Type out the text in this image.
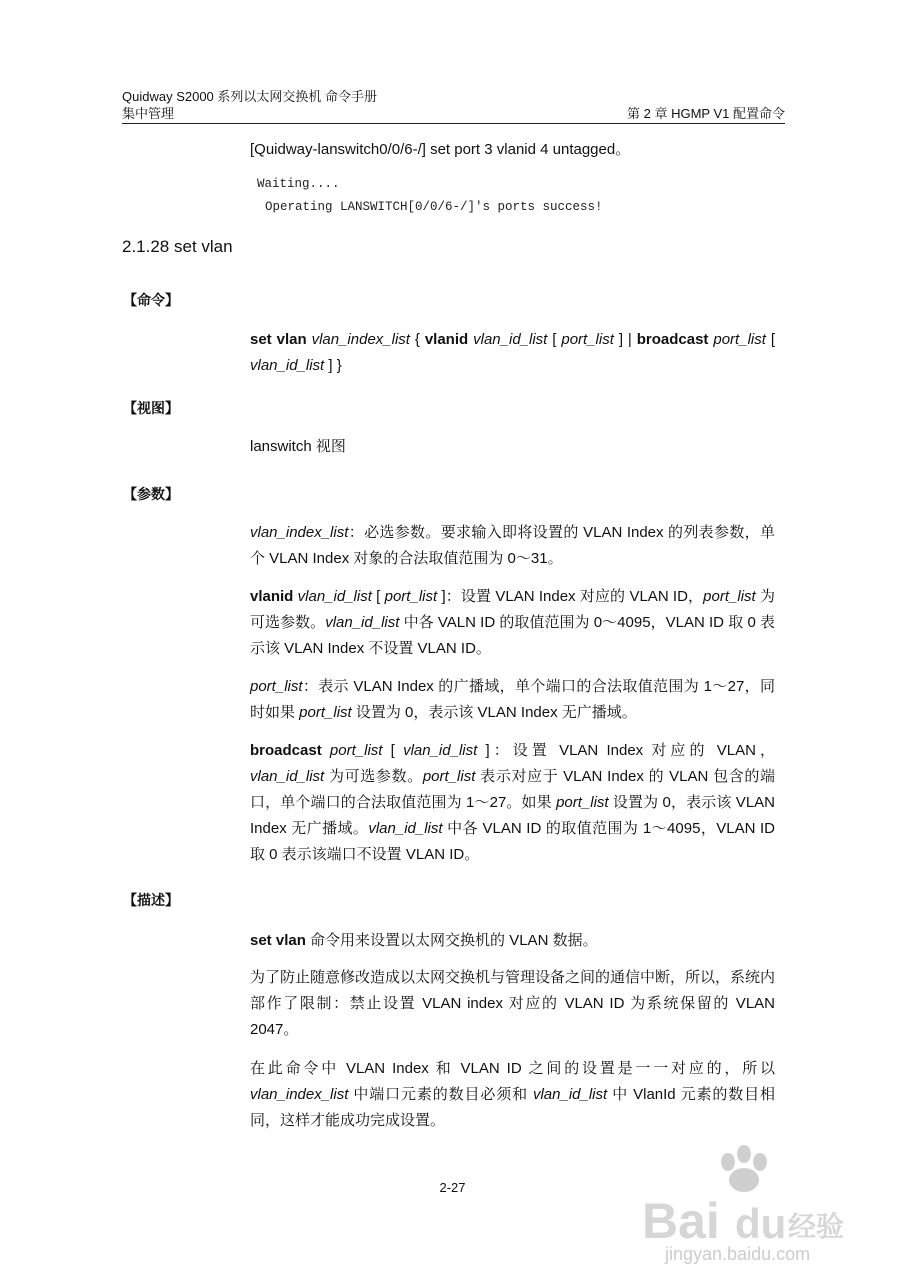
Quidway S2000 系列以太网交换机 命令手册
集中管理	第 2 章 HGMP V1 配置命令
[Quidway-lanswitch0/0/6-/] set port 3 vlanid 4 untagged。
Waiting....
Operating LANSWITCH[0/0/6-/]'s ports success!
2.1.28 set vlan
【命令】
set vlan vlan_index_list { vlanid vlan_id_list [ port_list ] | broadcast port_list [ vlan_id_list ] }
【视图】
lanswitch 视图
【参数】
vlan_index_list：必选参数。要求输入即将设置的 VLAN Index 的列表参数，单个 VLAN Index 对象的合法取值范围为 0～31。
vlanid vlan_id_list [ port_list ]：设置 VLAN Index 对应的 VLAN ID，port_list 为可选参数。vlan_id_list 中各 VALN ID 的取值范围为 0～4095，VLAN ID 取 0 表示该 VLAN Index 不设置 VLAN ID。
port_list：表示 VLAN Index 的广播域，单个端口的合法取值范围为 1～27，同时如果 port_list 设置为 0，表示该 VLAN Index 无广播域。
broadcast port_list [ vlan_id_list ]：设置 VLAN Index 对应的 VLAN，vlan_id_list 为可选参数。port_list 表示对应于 VLAN Index 的 VLAN 包含的端口，单个端口的合法取值范围为 1～27。如果 port_list 设置为 0，表示该 VLAN Index 无广播域。vlan_id_list 中各 VLAN ID 的取值范围为 1～4095，VLAN ID 取 0 表示该端口不设置 VLAN ID。
【描述】
set vlan 命令用来设置以太网交换机的 VLAN 数据。
为了防止随意修改造成以太网交换机与管理设备之间的通信中断，所以，系统内部作了限制：禁止设置 VLAN index 对应的 VLAN ID 为系统保留的 VLAN 2047。
在此命令中 VLAN Index 和 VLAN ID 之间的设置是一一对应的，所以 vlan_index_list 中端口元素的数目必须和 vlan_id_list 中 VlanId 元素的数目相同，这样才能成功完成设置。
2-27
Bai du 经验
jingyan.baidu.com
